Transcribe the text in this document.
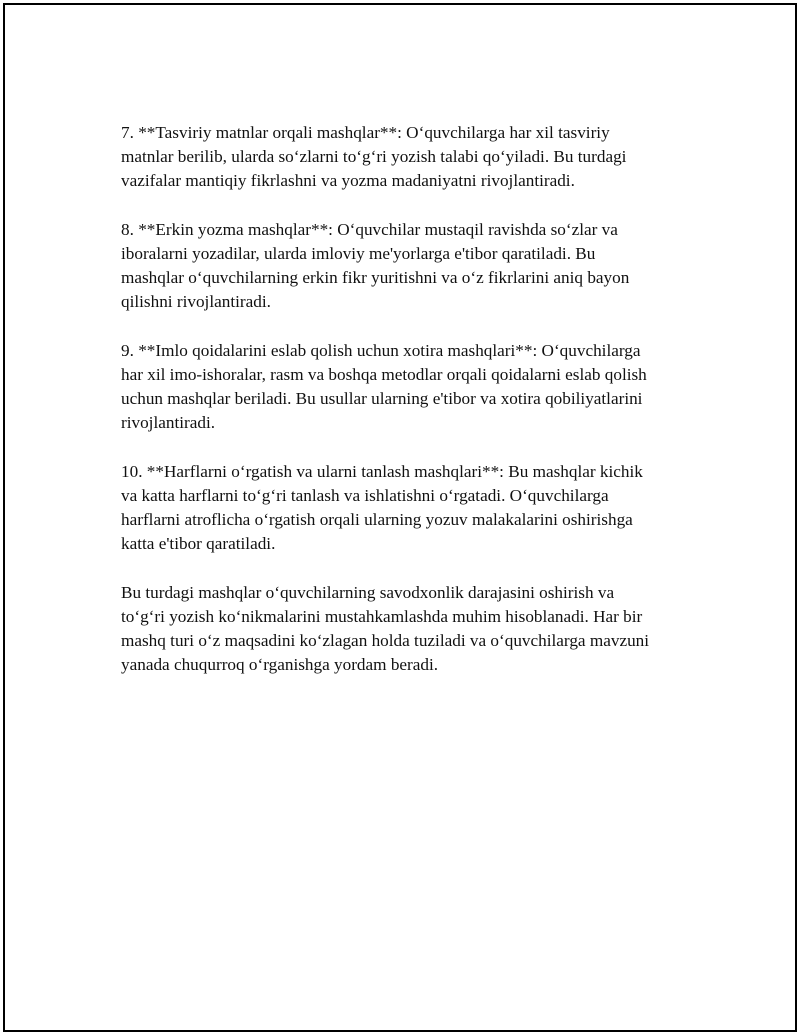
7. **Tasviriy matnlar orqali mashqlar**: O‘quvchilarga har xil tasviriy
matnlar berilib, ularda so‘zlarni to‘g‘ri yozish talabi qo‘yiladi. Bu turdagi
vazifalar mantiqiy fikrlashni va yozma madaniyatni rivojlantiradi.

8. **Erkin yozma mashqlar**: O‘quvchilar mustaqil ravishda so‘zlar va
iboralarni yozadilar, ularda imloviy me'yorlarga e'tibor qaratiladi. Bu
mashqlar o‘quvchilarning erkin fikr yuritishni va o‘z fikrlarini aniq bayon
qilishni rivojlantiradi.

9. **Imlo qoidalarini eslab qolish uchun xotira mashqlari**: O‘quvchilarga
har xil imo-ishoralar, rasm va boshqa metodlar orqali qoidalarni eslab qolish
uchun mashqlar beriladi. Bu usullar ularning e'tibor va xotira qobiliyatlarini
rivojlantiradi.

10. **Harflarni o‘rgatish va ularni tanlash mashqlari**: Bu mashqlar kichik
va katta harflarni to‘g‘ri tanlash va ishlatishni o‘rgatadi. O‘quvchilarga
harflarni atroflicha o‘rgatish orqali ularning yozuv malakalarini oshirishga
katta e'tibor qaratiladi.

Bu turdagi mashqlar o‘quvchilarning savodxonlik darajasini oshirish va
to‘g‘ri yozish ko‘nikmalarini mustahkamlashda muhim hisoblanadi. Har bir
mashq turi o‘z maqsadini ko‘zlagan holda tuziladi va o‘quvchilarga mavzuni
yanada chuqurroq o‘rganishga yordam beradi.
